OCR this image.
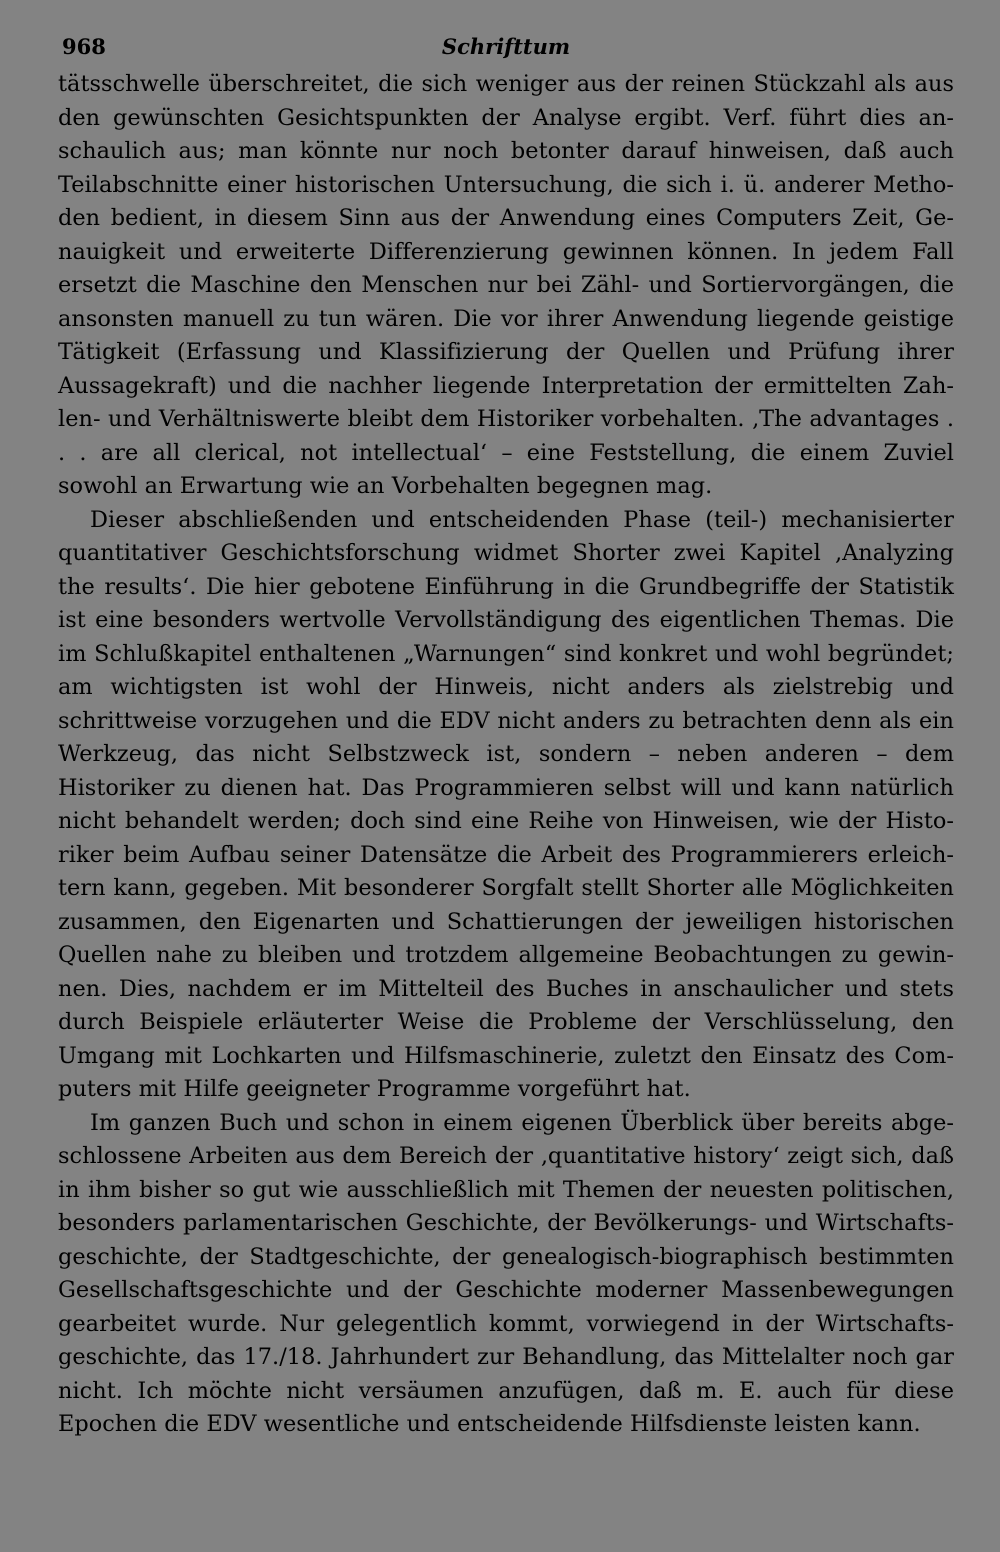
968	Schrifttum

tätsschwelle überschreitet, die sich weniger aus der reinen Stückzahl als aus den gewünschten Gesichtspunkten der Analyse ergibt. Verf. führt dies anschaulich aus; man könnte nur noch betonter darauf hinweisen, daß auch Teilabschnitte einer historischen Untersuchung, die sich i. ü. anderer Methoden bedient, in diesem Sinn aus der Anwendung eines Computers Zeit, Genauigkeit und erweiterte Differenzierung gewinnen können. In jedem Fall ersetzt die Maschine den Menschen nur bei Zähl- und Sortiervorgängen, die ansonsten manuell zu tun wären. Die vor ihrer Anwendung liegende geistige Tätigkeit (Erfassung und Klassifizierung der Quellen und Prüfung ihrer Aussagekraft) und die nachher liegende Interpretation der ermittelten Zahlen- und Verhältniswerte bleibt dem Historiker vorbehalten. ‚The advantages . . . are all clerical, not intellectual‘ – eine Feststellung, die einem Zuviel sowohl an Erwartung wie an Vorbehalten begegnen mag.

Dieser abschließenden und entscheidenden Phase (teil-) mechanisierter quantitativer Geschichtsforschung widmet Shorter zwei Kapitel ‚Analyzing the results‘. Die hier gebotene Einführung in die Grundbegriffe der Statistik ist eine besonders wertvolle Vervollständigung des eigentlichen Themas. Die im Schlußkapitel enthaltenen „Warnungen“ sind konkret und wohl begründet; am wichtigsten ist wohl der Hinweis, nicht anders als zielstrebig und schrittweise vorzugehen und die EDV nicht anders zu betrachten denn als ein Werkzeug, das nicht Selbstzweck ist, sondern – neben anderen – dem Historiker zu dienen hat. Das Programmieren selbst will und kann natürlich nicht behandelt werden; doch sind eine Reihe von Hinweisen, wie der Historiker beim Aufbau seiner Datensätze die Arbeit des Programmierers erleichtern kann, gegeben. Mit besonderer Sorgfalt stellt Shorter alle Möglichkeiten zusammen, den Eigenarten und Schattierungen der jeweiligen historischen Quellen nahe zu bleiben und trotzdem allgemeine Beobachtungen zu gewinnen. Dies, nachdem er im Mittelteil des Buches in anschaulicher und stets durch Beispiele erläuterter Weise die Probleme der Verschlüsselung, den Umgang mit Lochkarten und Hilfsmaschinerie, zuletzt den Einsatz des Computers mit Hilfe geeigneter Programme vorgeführt hat.

Im ganzen Buch und schon in einem eigenen Überblick über bereits abgeschlossene Arbeiten aus dem Bereich der ‚quantitative history‘ zeigt sich, daß in ihm bisher so gut wie ausschließlich mit Themen der neuesten politischen, besonders parlamentarischen Geschichte, der Bevölkerungs- und Wirtschaftsgeschichte, der Stadtgeschichte, der genealogisch-biographisch bestimmten Gesellschaftsgeschichte und der Geschichte moderner Massenbewegungen gearbeitet wurde. Nur gelegentlich kommt, vorwiegend in der Wirtschaftsgeschichte, das 17./18. Jahrhundert zur Behandlung, das Mittelalter noch gar nicht. Ich möchte nicht versäumen anzufügen, daß m. E. auch für diese Epochen die EDV wesentliche und entscheidende Hilfsdienste leisten kann.
